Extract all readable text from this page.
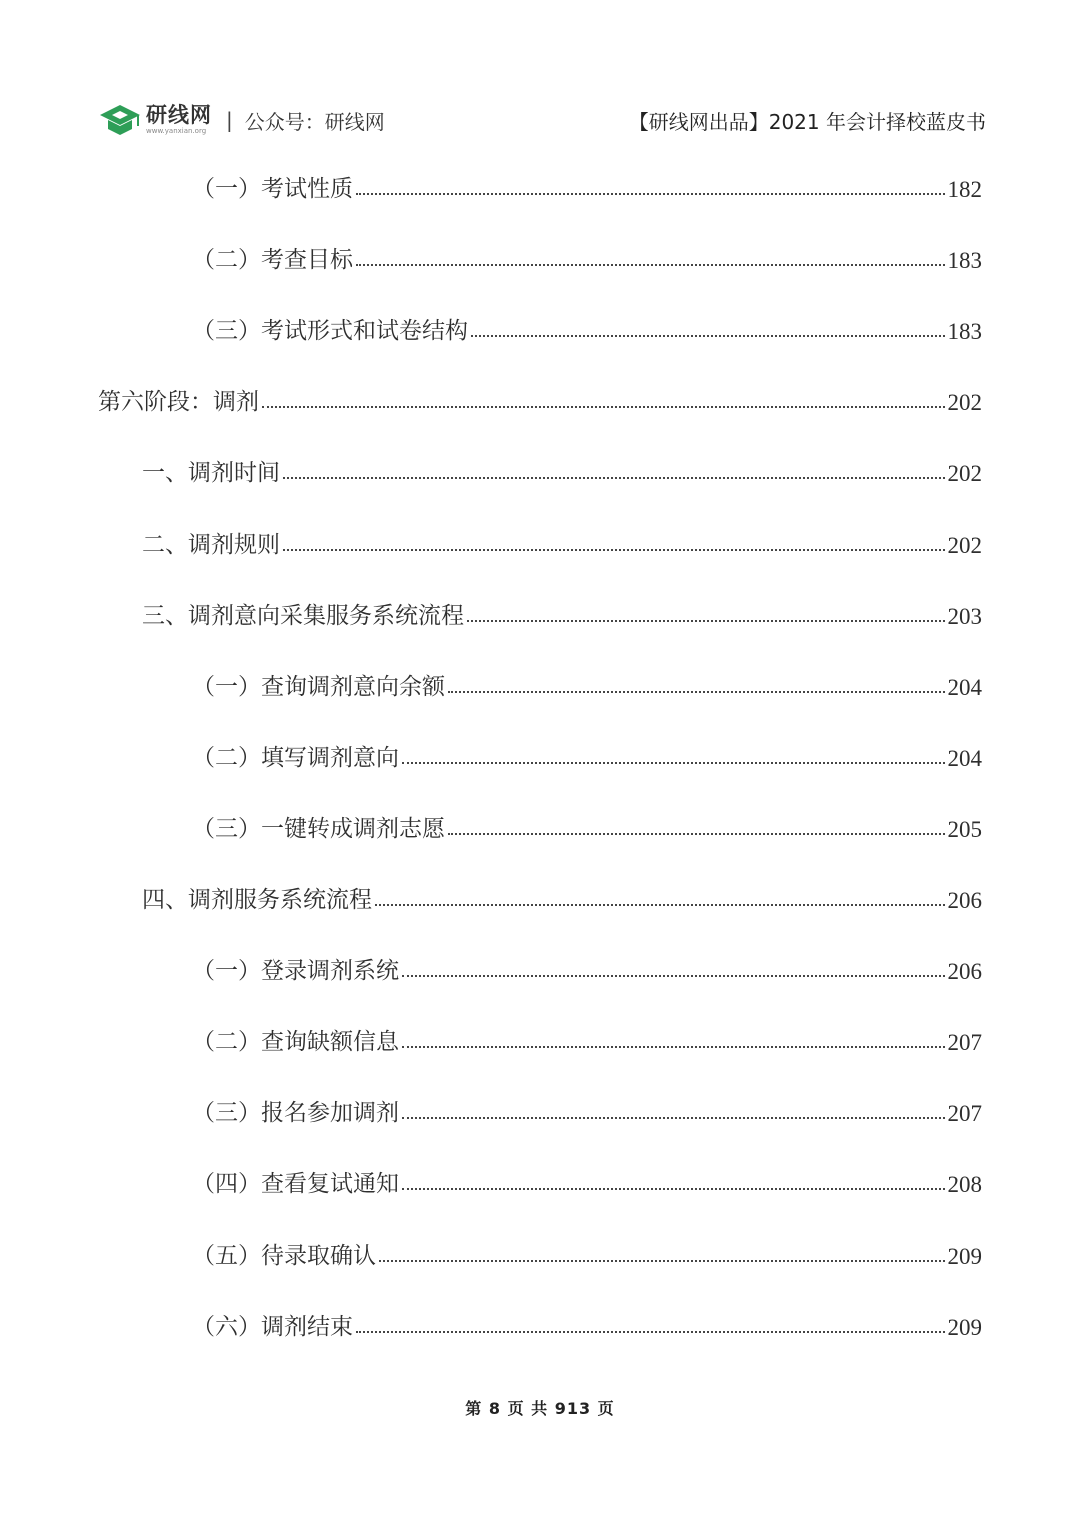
研线网
www.yanxian.org | 公众号：研线网	【研线网出品】2021 年会计择校蓝皮书
（一）考试性质	182
（二）考查目标	183
（三）考试形式和试卷结构	183
第六阶段：调剂	202
一、调剂时间	202
二、调剂规则	202
三、调剂意向采集服务系统流程	203
（一）查询调剂意向余额	204
（二）填写调剂意向	204
（三）一键转成调剂志愿	205
四、调剂服务系统流程	206
（一）登录调剂系统	206
（二）查询缺额信息	207
（三）报名参加调剂	207
（四）查看复试通知	208
（五）待录取确认	209
（六）调剂结束	209
第 8 页 共 913 页
